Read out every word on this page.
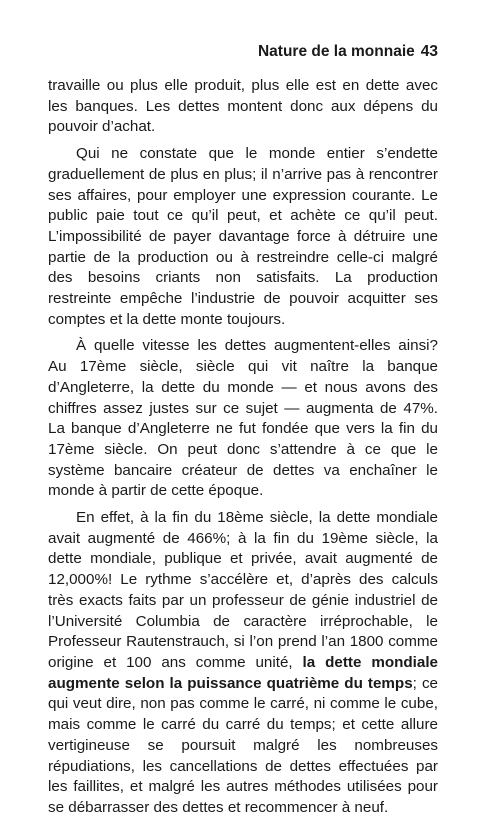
Nature de la monnaie 43

travaille ou plus elle produit, plus elle est en dette avec les banques. Les dettes montent donc aux dépens du pouvoir d’achat.

Qui ne constate que le monde entier s’endette graduellement de plus en plus; il n’arrive pas à rencontrer ses affaires, pour employer une expression courante. Le public paie tout ce qu’il peut, et achète ce qu’il peut. L’impossibilité de payer davantage force à détruire une partie de la production ou à restreindre celle-ci malgré des besoins criants non satisfaits. La production restreinte empêche l’industrie de pouvoir acquitter ses comptes et la dette monte toujours.

À quelle vitesse les dettes augmentent-elles ainsi? Au 17ème siècle, siècle qui vit naître la banque d’Angleterre, la dette du monde — et nous avons des chiffres assez justes sur ce sujet — augmenta de 47%. La banque d’Angleterre ne fut fondée que vers la fin du 17ème siècle. On peut donc s’attendre à ce que le système bancaire créateur de dettes va enchaîner le monde à partir de cette époque.

En effet, à la fin du 18ème siècle, la dette mondiale avait augmenté de 466%; à la fin du 19ème siècle, la dette mondiale, publique et privée, avait augmenté de 12,000%! Le rythme s’accélère et, d’après des calculs très exacts faits par un professeur de génie industriel de l’Université Columbia de caractère irréprochable, le Professeur Rautenstrauch, si l’on prend l’an 1800 comme origine et 100 ans comme unité, la dette mondiale augmente selon la puissance quatrième du temps; ce qui veut dire, non pas comme le carré, ni comme le cube, mais comme le carré du carré du temps; et cette allure vertigineuse se poursuit malgré les nombreuses répudiations, les cancellations de dettes effectuées par les faillites, et malgré les autres méthodes utilisées pour se débarrasser des dettes et recommencer à neuf.
